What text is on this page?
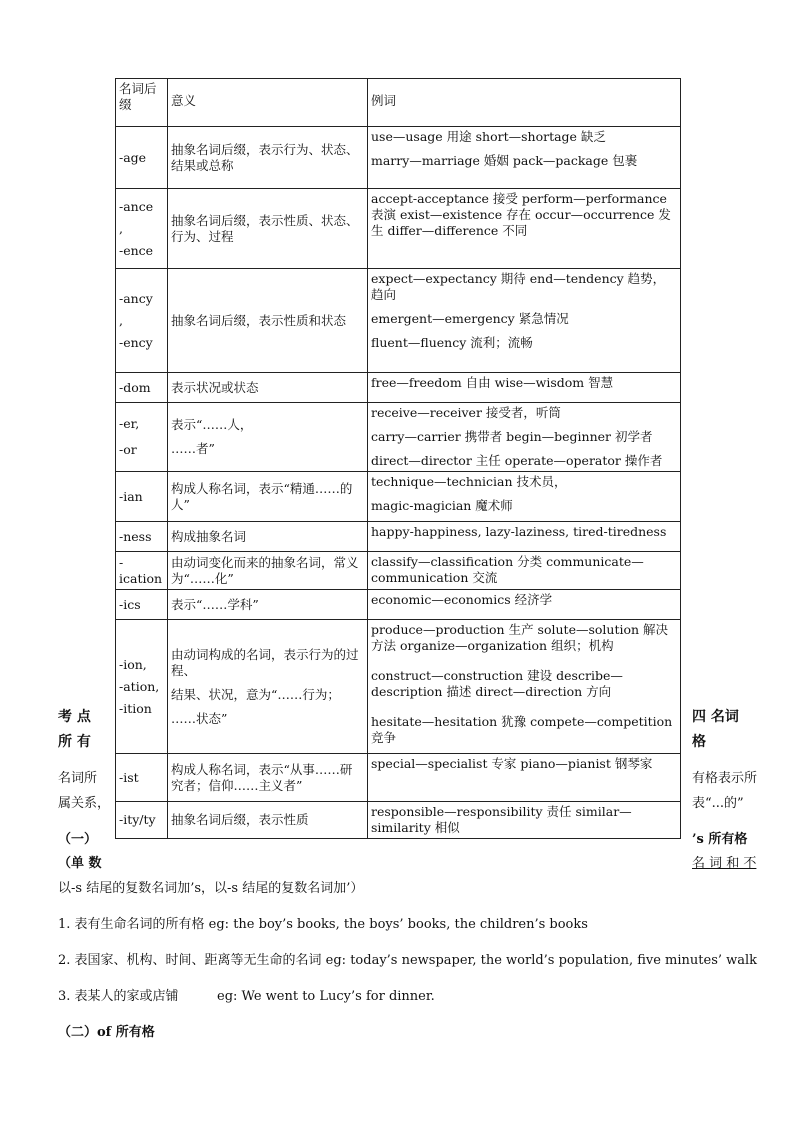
考 点
所 有
名词所
属关系，
（一）
（单 数
四 名词
格
有格表示所
表“...的”
’s 所有格
名 词 和 不
名词后缀	意义	例词

-age	抽象名词后缀，表示行为、状态、结果或总称	use—usage 用途 short—shortage 缺乏
marry—marriage 婚姻 pack—package 包裹

-ance
,
-ence	抽象名词后缀，表示性质、状态、行为、过程	accept-acceptance 接受 perform—performance 表演 exist—existence 存在 occur—occurrence 发生 differ—difference 不同

-ancy
,
-ency	抽象名词后缀，表示性质和状态	expect—expectancy 期待 end—tendency 趋势，趋向
emergent—emergency 紧急情况
fluent—fluency 流利；流畅

-dom	表示状况或状态	free—freedom 自由 wise—wisdom 智慧

-er,
-or	表示“……人，
……者”	receive—receiver 接受者，听筒
carry—carrier 携带者 begin—beginner 初学者
direct—director 主任 operate—operator 操作者

-ian	构成人称名词，表示“精通……的人”	technique—technician 技术员，
magic-magician 魔术师

-ness	构成抽象名词	happy-happiness, lazy-laziness, tired-tiredness

-ication	由动词变化而来的抽象名词，常义为“……化”	classify—classification 分类 communicate—communication 交流

-ics	表示“……学科”	economic—economics 经济学

-ion,
-ation,
-ition	由动词构成的名词，表示行为的过程、
结果、状况，意为“……行为；
……状态”	produce—production 生产 solute—solution 解决方法 organize—organization 组织；机构
construct—construction 建设 describe—description 描述 direct—direction 方向
hesitate—hesitation 犹豫 compete—competition 竞争

-ist	构成人称名词，表示“从事……研究者；信仰……主义者”	special—specialist 专家 piano—pianist 钢琴家

-ity/ty	抽象名词后缀，表示性质	responsible—responsibility 责任 similar—similarity 相似
以-s 结尾的复数名词加’s，以-s 结尾的复数名词加’）
1. 表有生命名词的所有格 eg: the boy’s books, the boys’ books, the children’s books
2. 表国家、机构、时间、距离等无生命的名词 eg: today’s newspaper, the world’s population, five minutes’ walk
3. 表某人的家或店铺	eg: We went to Lucy’s for dinner.
（二）of 所有格
